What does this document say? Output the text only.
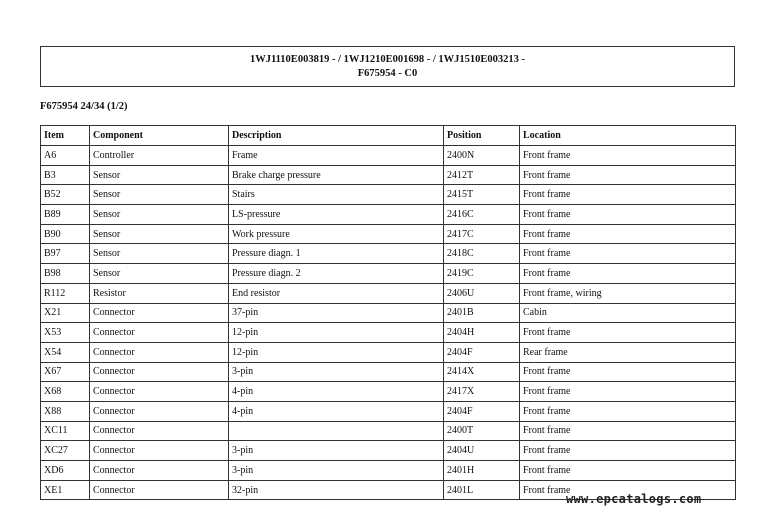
1WJ1110E003819 - / 1WJ1210E001698 - / 1WJ1510E003213 -
F675954 - C0
F675954 24/34 (1/2)
Item	Component	Description	Position	Location
A6	Controller	Frame	2400N	Front frame
B3	Sensor	Brake charge pressure	2412T	Front frame
B52	Sensor	Stairs	2415T	Front frame
B89	Sensor	LS-pressure	2416C	Front frame
B90	Sensor	Work pressure	2417C	Front frame
B97	Sensor	Pressure diagn. 1	2418C	Front frame
B98	Sensor	Pressure diagn. 2	2419C	Front frame
R112	Resistor	End resistor	2406U	Front frame, wiring
X21	Connector	37-pin	2401B	Cabin
X53	Connector	12-pin	2404H	Front frame
X54	Connector	12-pin	2404F	Rear frame
X67	Connector	3-pin	2414X	Front frame
X68	Connector	4-pin	2417X	Front frame
X88	Connector	4-pin	2404F	Front frame
XC11	Connector		2400T	Front frame
XC27	Connector	3-pin	2404U	Front frame
XD6	Connector	3-pin	2401H	Front frame
XE1	Connector	32-pin	2401L	Front frame
www.epcatalogs.com
